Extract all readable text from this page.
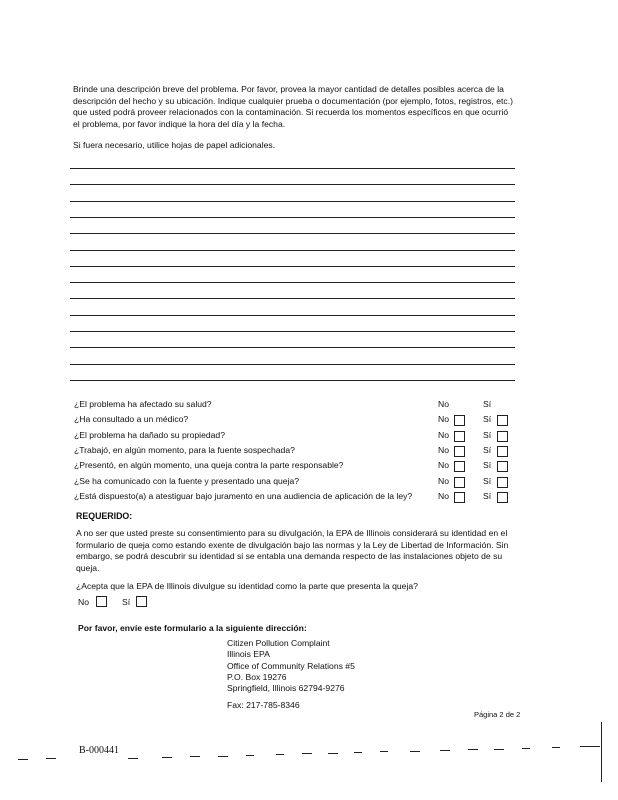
Brinde una descripción breve del problema. Por favor, provea la mayor cantidad de detalles posibles acerca de la descripción del hecho y su ubicación. Indique cualquier prueba o documentación (por ejemplo, fotos, registros, etc.) que usted podrá proveer relacionados con la contaminación. Si recuerda los momentos específicos en que ocurrió el problema, por favor indique la hora del día y la fecha.
Si fuera necesario, utilice hojas de papel adicionales.
¿El problema ha afectado su salud?	No	Sí
¿Ha consultado a un médico?	No	Sí
¿El problema ha dañado su propiedad?	No	Sí
¿Trabajó, en algún momento, para la fuente sospechada?	No	Sí
¿Presentó, en algún momento, una queja contra la parte responsable?	No	Sí
¿Se ha comunicado con la fuente y presentado una queja?	No	Sí
¿Está dispuesto(a) a atestiguar bajo juramento en una audiencia de aplicación de la ley?	No	Sí
REQUERIDO:
A no ser que usted preste su consentimiento para su divulgación, la EPA de Illinois considerará su identidad en el formulario de queja como estando exente de divulgación bajo las normas y la Ley de Libertad de Información. Sin embargo, se podrá descubrir su identidad si se entabla una demanda respecto de las instalaciones objeto de su queja.
¿Acepta que la EPA de Illinois divulgue su identidad como la parte que presenta la queja?
No	Sí
Por favor, envíe este formulario a la siguiente dirección:
Citizen Pollution Complaint
Illinois EPA
Office of Community Relations #5
P.O. Box 19276
Springfield, Illinois 62794-9276
Fax: 217-785-8346
Página 2 de 2
B-000441
